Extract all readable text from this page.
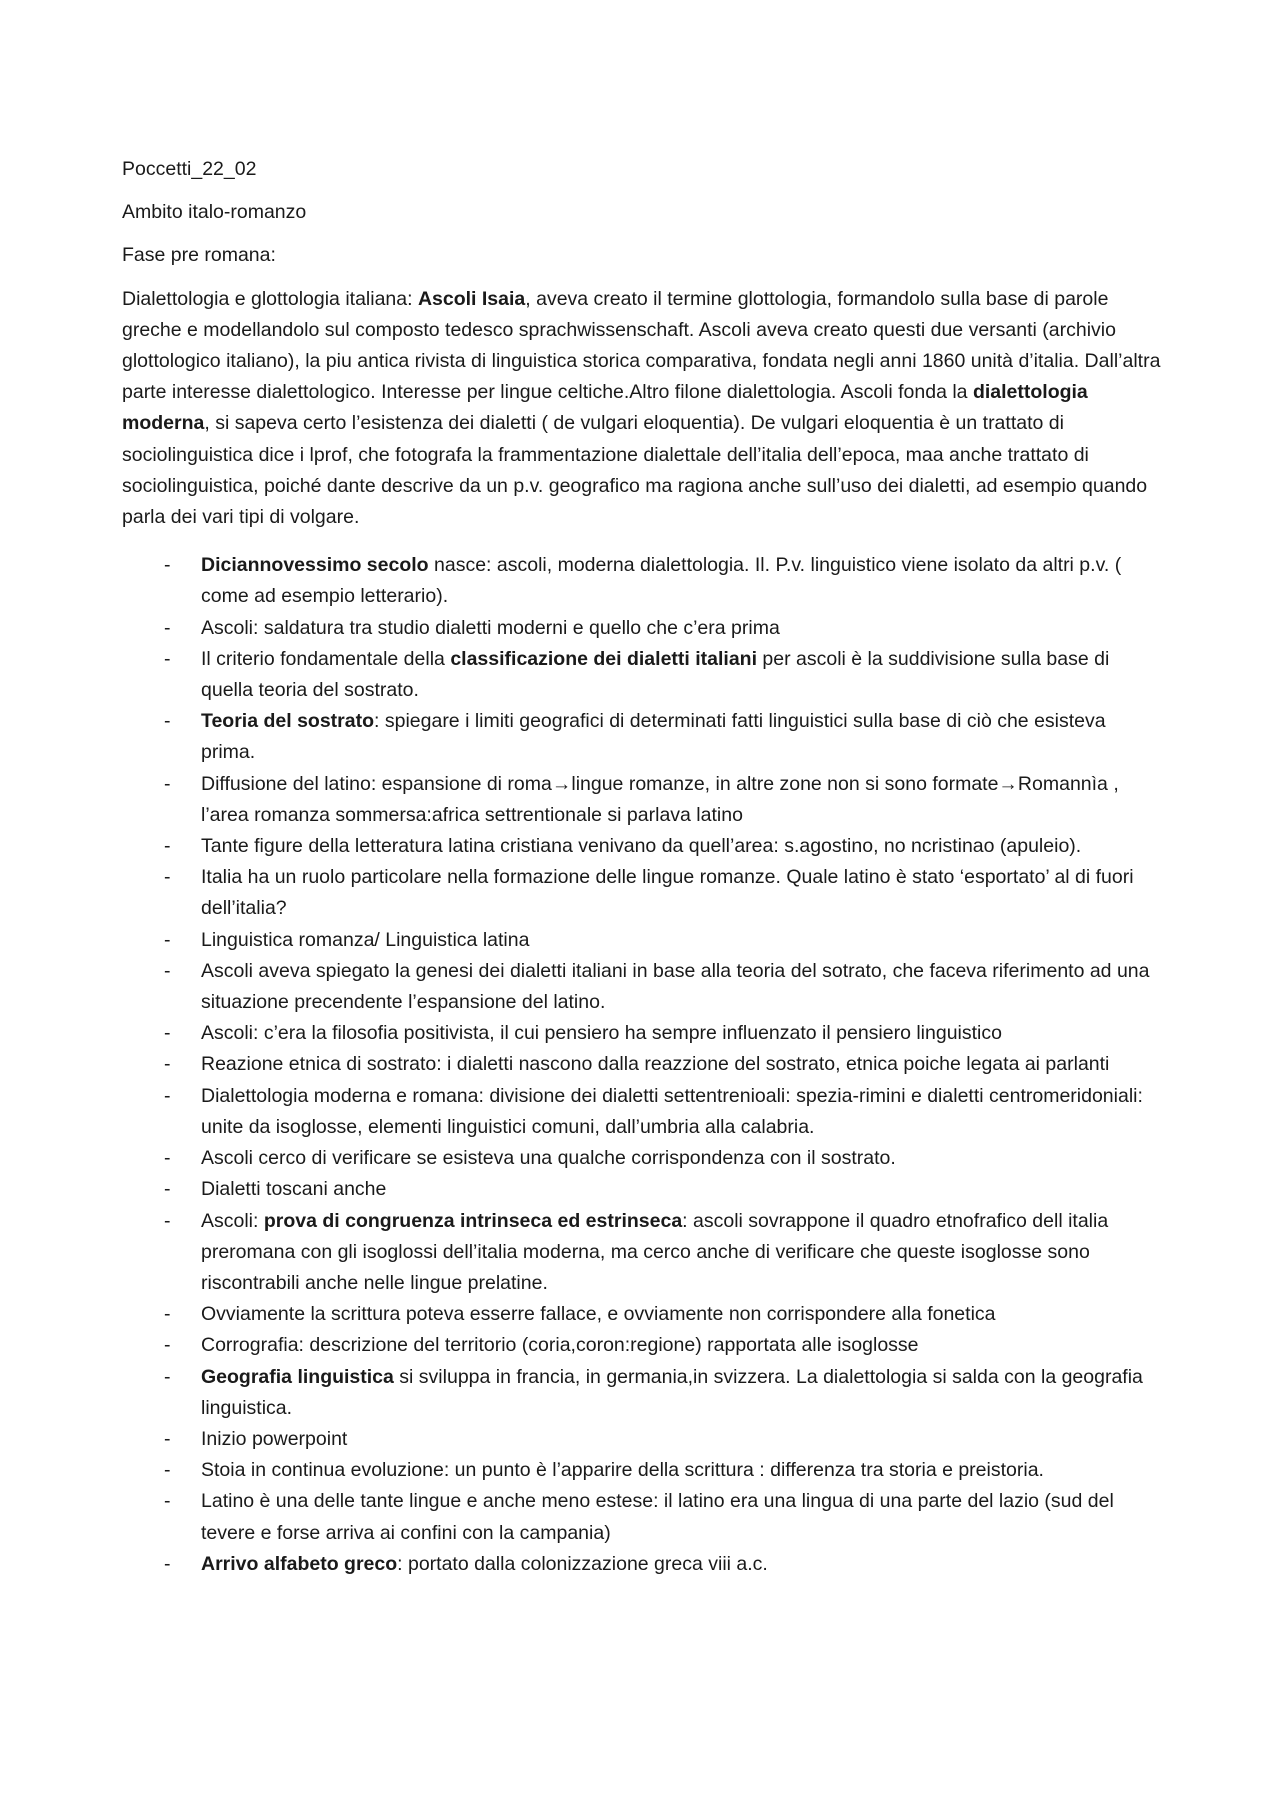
Poccetti_22_02

Ambito italo-romanzo

Fase pre romana:

Dialettologia e glottologia italiana: Ascoli Isaia, aveva creato il termine glottologia, formandolo sulla base di parole greche e modellandolo sul composto tedesco sprachwissenschaft. Ascoli aveva creato questi due versanti (archivio glottologico italiano), la piu antica rivista di linguistica storica comparativa, fondata negli anni 1860 unità d’italia. Dall’altra parte interesse dialettologico. Interesse per lingue celtiche.Altro filone dialettologia. Ascoli fonda la dialettologia moderna, si sapeva certo l’esistenza dei dialetti ( de vulgari eloquentia). De vulgari eloquentia è un trattato di sociolinguistica dice i lprof, che fotografa la frammentazione dialettale dell’italia dell’epoca, maa anche trattato di sociolinguistica, poiché dante descrive da un p.v. geografico ma ragiona anche sull’uso dei dialetti, ad esempio quando parla dei vari tipi di volgare.

- Diciannovessimo secolo nasce: ascoli, moderna dialettologia. Il. P.v. linguistico viene isolato da altri p.v. ( come ad esempio letterario).
- Ascoli: saldatura tra studio dialetti moderni e quello che c’era prima
- Il criterio fondamentale della classificazione dei dialetti italiani per ascoli è la suddivisione sulla base di quella teoria del sostrato.
- Teoria del sostrato: spiegare i limiti geografici di determinati fatti linguistici sulla base di ciò che esisteva prima.
- Diffusione del latino: espansione di roma→lingue romanze, in altre zone non si sono formate→Romannìa , l’area romanza sommersa:africa settrentionale si parlava latino
- Tante figure della letteratura latina cristiana venivano da quell’area: s.agostino, no ncristinao (apuleio).
- Italia ha un ruolo particolare nella formazione delle lingue romanze. Quale latino è stato ‘esportato’ al di fuori dell’italia?
- Linguistica romanza/ Linguistica latina
- Ascoli aveva spiegato la genesi dei dialetti italiani in base alla teoria del sotrato, che faceva riferimento ad una situazione precendente l’espansione del latino.
- Ascoli: c’era la filosofia positivista, il cui pensiero ha sempre influenzato il pensiero linguistico
- Reazione etnica di sostrato: i dialetti nascono dalla reazzione del sostrato, etnica poiche legata ai parlanti
- Dialettologia moderna e romana: divisione dei dialetti settentrenioali: spezia-rimini e dialetti centromeridoniali: unite da isoglosse, elementi linguistici comuni, dall’umbria alla calabria.
- Ascoli cerco di verificare se esisteva una qualche corrispondenza con il sostrato.
- Dialetti toscani anche
- Ascoli: prova di congruenza intrinseca ed estrinseca: ascoli sovrappone il quadro etnofrafico dell italia preromana con gli isoglossi dell’italia moderna, ma cerco anche di verificare che queste isoglosse sono riscontrabili anche nelle lingue prelatine.
- Ovviamente la scrittura poteva esserre fallace, e ovviamente non corrispondere alla fonetica
- Corrografia: descrizione del territorio (coria,coron:regione) rapportata alle isoglosse
- Geografia linguistica si sviluppa in francia, in germania,in svizzera. La dialettologia si salda con la geografia linguistica.
- Inizio powerpoint
- Stoia in continua evoluzione: un punto è l’apparire della scrittura : differenza tra storia e preistoria.
- Latino è una delle tante lingue e anche meno estese: il latino era una lingua di una parte del lazio (sud del tevere e forse arriva ai confini con la campania)
- Arrivo alfabeto greco: portato dalla colonizzazione greca viii a.c.
